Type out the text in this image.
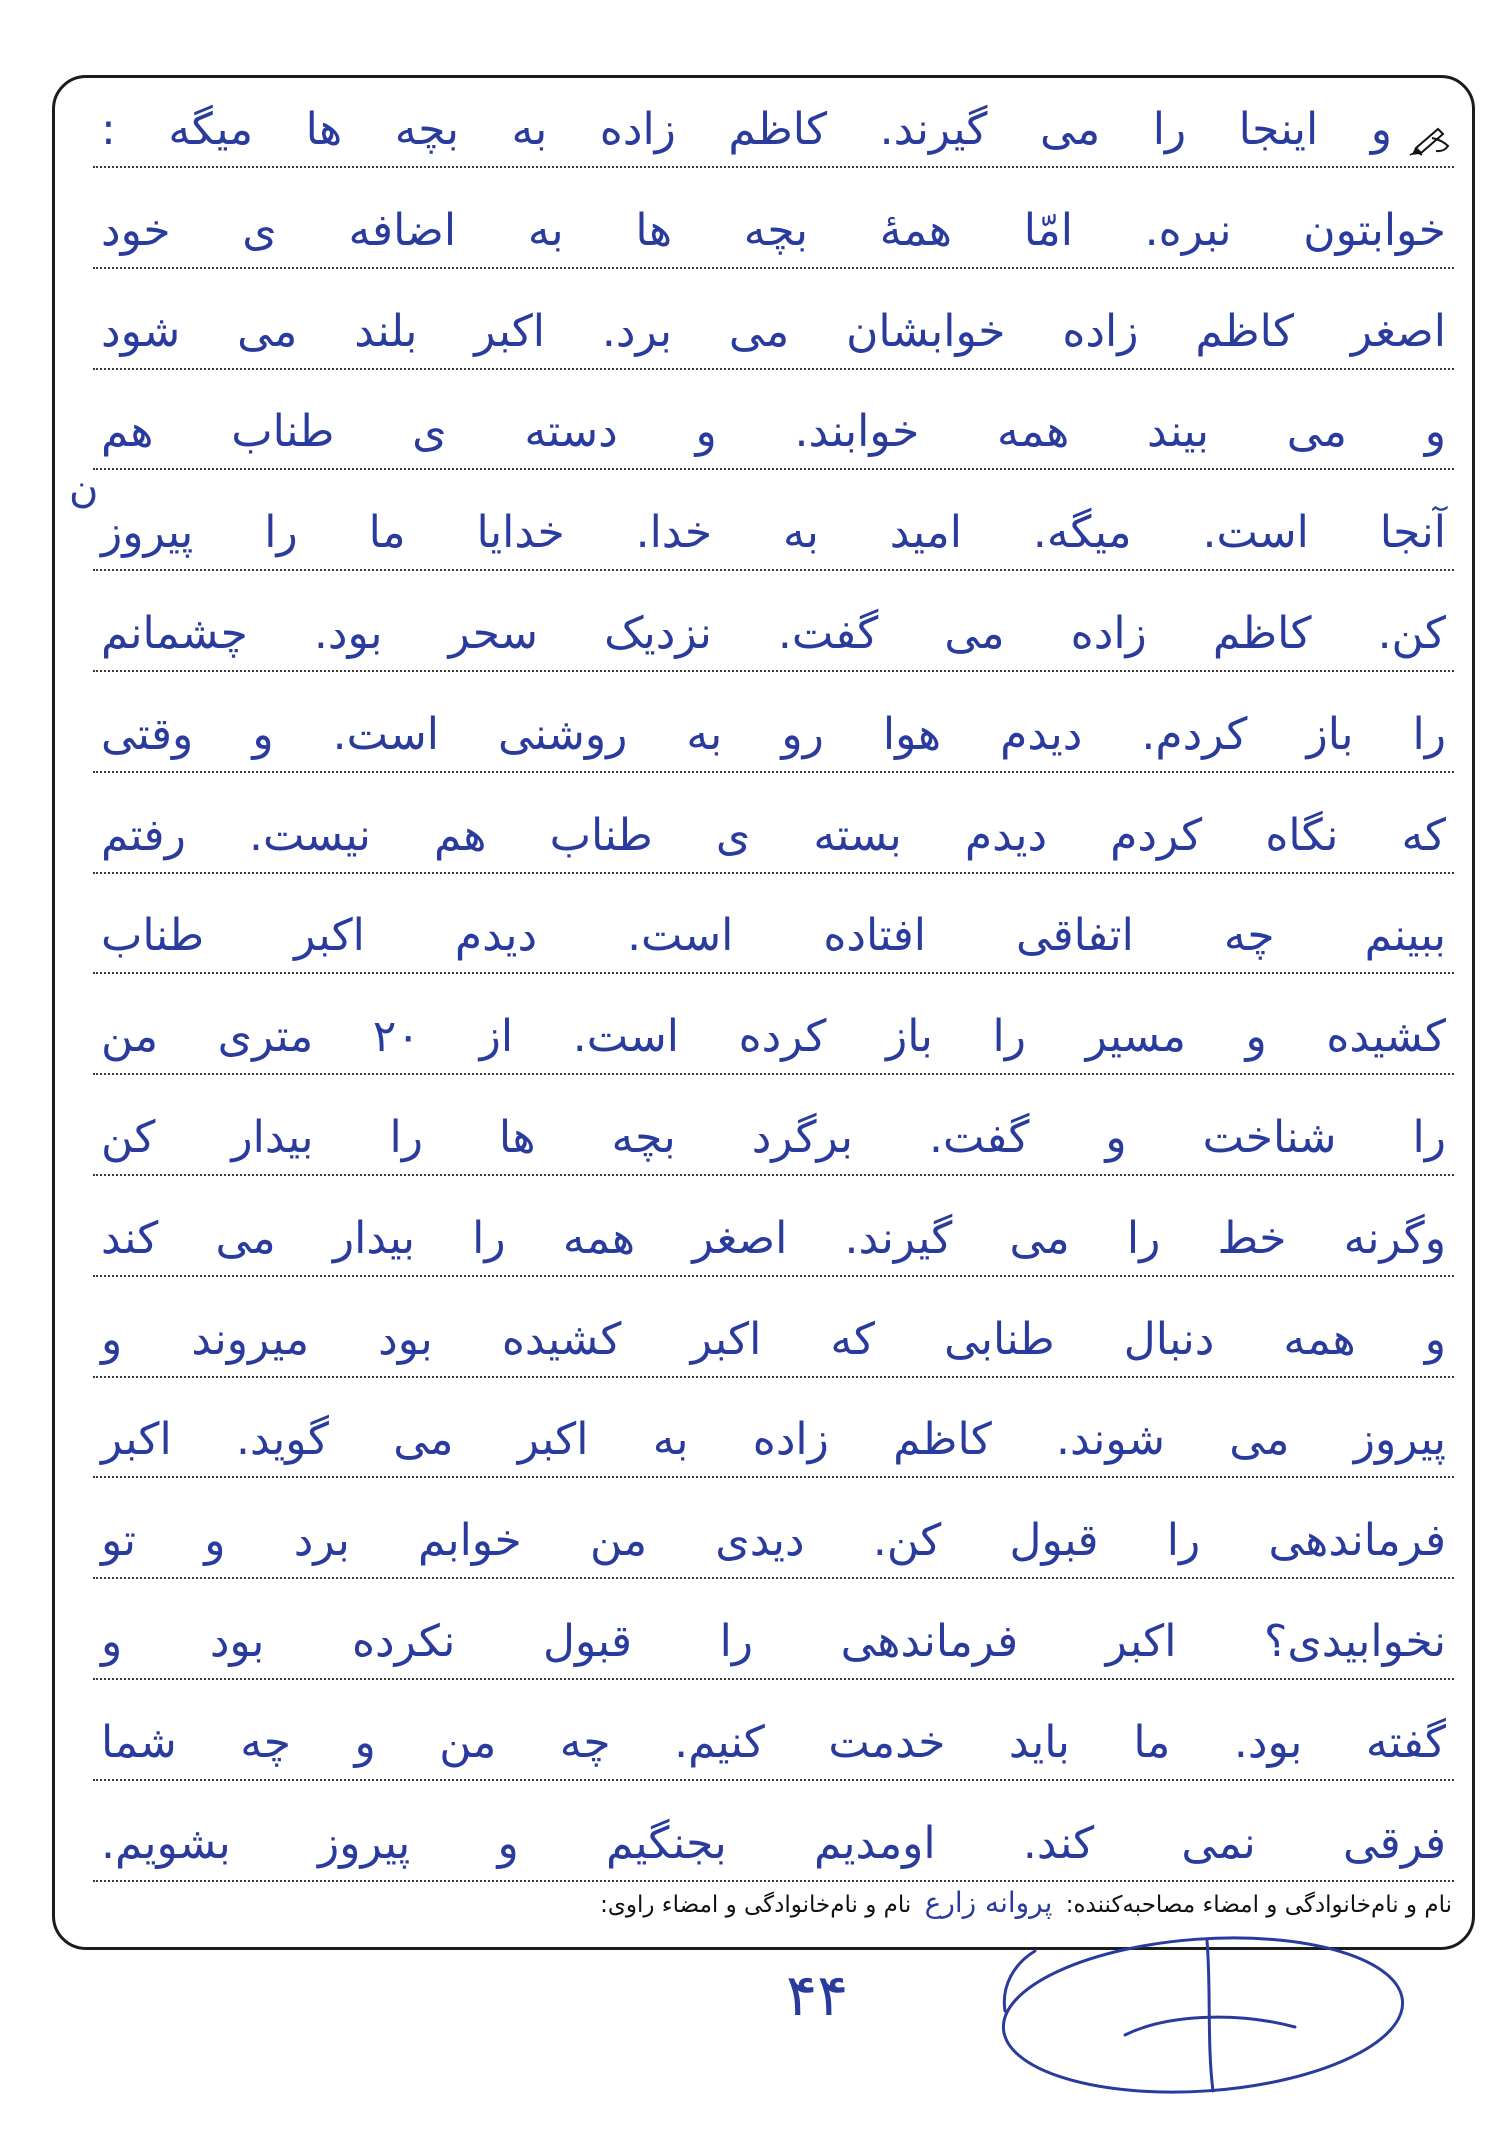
و اینجا را می گیرند. کاظم زاده به بچه ها میگه :
خوابتون نبره. امّا همهٔ بچه ها به اضافه ی خود
اصغر کاظم زاده خوابشان می برد. اکبر بلند می شود
و می بیند همه خوابند. و دسته ی طناب هم
آنجا است. میگه. امید به خدا. خدایا ما را پیروز
کن. کاظم زاده می گفت. نزدیک سحر بود. چشمانم
را باز کردم. دیدم هوا رو به روشنی است. و وقتی
که نگاه کردم دیدم بسته ی طناب هم نیست. رفتم
ببینم چه اتفاقی افتاده است. دیدم اکبر طناب
کشیده و مسیر را باز کرده است. از ۲۰ متری من
را شناخت و گفت. برگرد بچه ها را بیدار کن
وگرنه خط را می گیرند. اصغر همه را بیدار می کند
و همه دنبال طنابی که اکبر کشیده بود میروند و
پیروز می شوند. کاظم زاده به اکبر می گوید. اکبر
فرماندهی را قبول کن. دیدی من خوابم برد و تو
نخوابیدی؟ اکبر فرماندهی را قبول نکرده بود و
گفته بود. ما باید خدمت کنیم. چه من و چه شما
فرقی نمی کند. اومدیم بجنگیم و پیروز بشویم.
ن
نام و نام‌خانوادگی و امضاء مصاحبه‌کننده: پروانه زارع نام و نام‌خانوادگی و امضاء راوی:
۴۴
